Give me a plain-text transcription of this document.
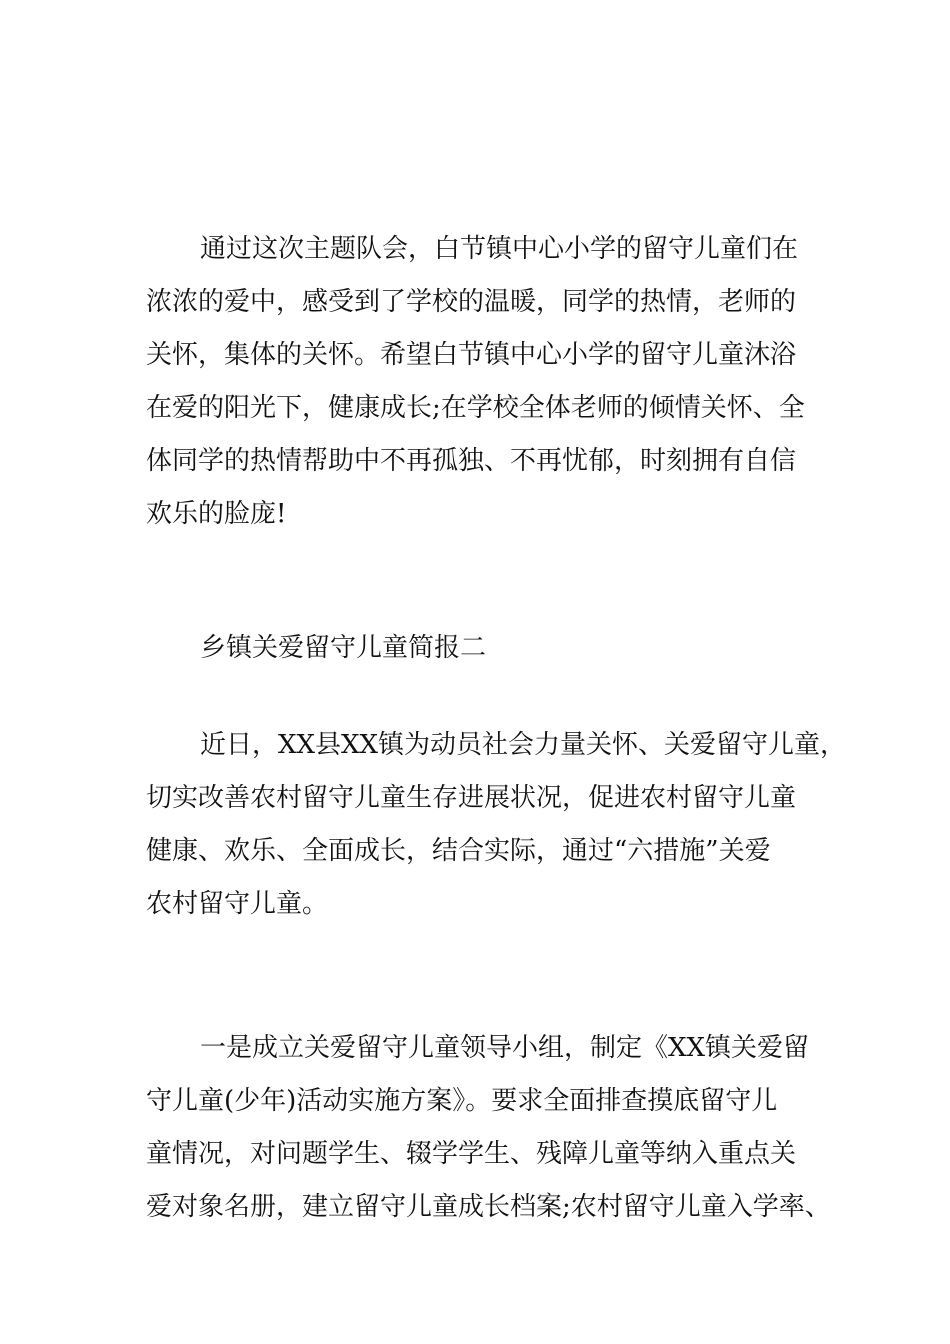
通过这次主题队会，白节镇中心小学的留守儿童们在
浓浓的爱中，感受到了学校的温暖，同学的热情，老师的
关怀，集体的关怀。希望白节镇中心小学的留守儿童沐浴
在爱的阳光下，健康成长;在学校全体老师的倾情关怀、全
体同学的热情帮助中不再孤独、不再忧郁，时刻拥有自信
欢乐的脸庞!
乡镇关爱留守儿童简报二
近日，XX县XX镇为动员社会力量关怀、关爱留守儿童，
切实改善农村留守儿童生存进展状况，促进农村留守儿童
健康、欢乐、全面成长，结合实际，通过“六措施”关爱
农村留守儿童。
一是成立关爱留守儿童领导小组，制定《XX镇关爱留
守儿童(少年)活动实施方案》。要求全面排查摸底留守儿
童情况，对问题学生、辍学学生、残障儿童等纳入重点关
爱对象名册，建立留守儿童成长档案;农村留守儿童入学率、
